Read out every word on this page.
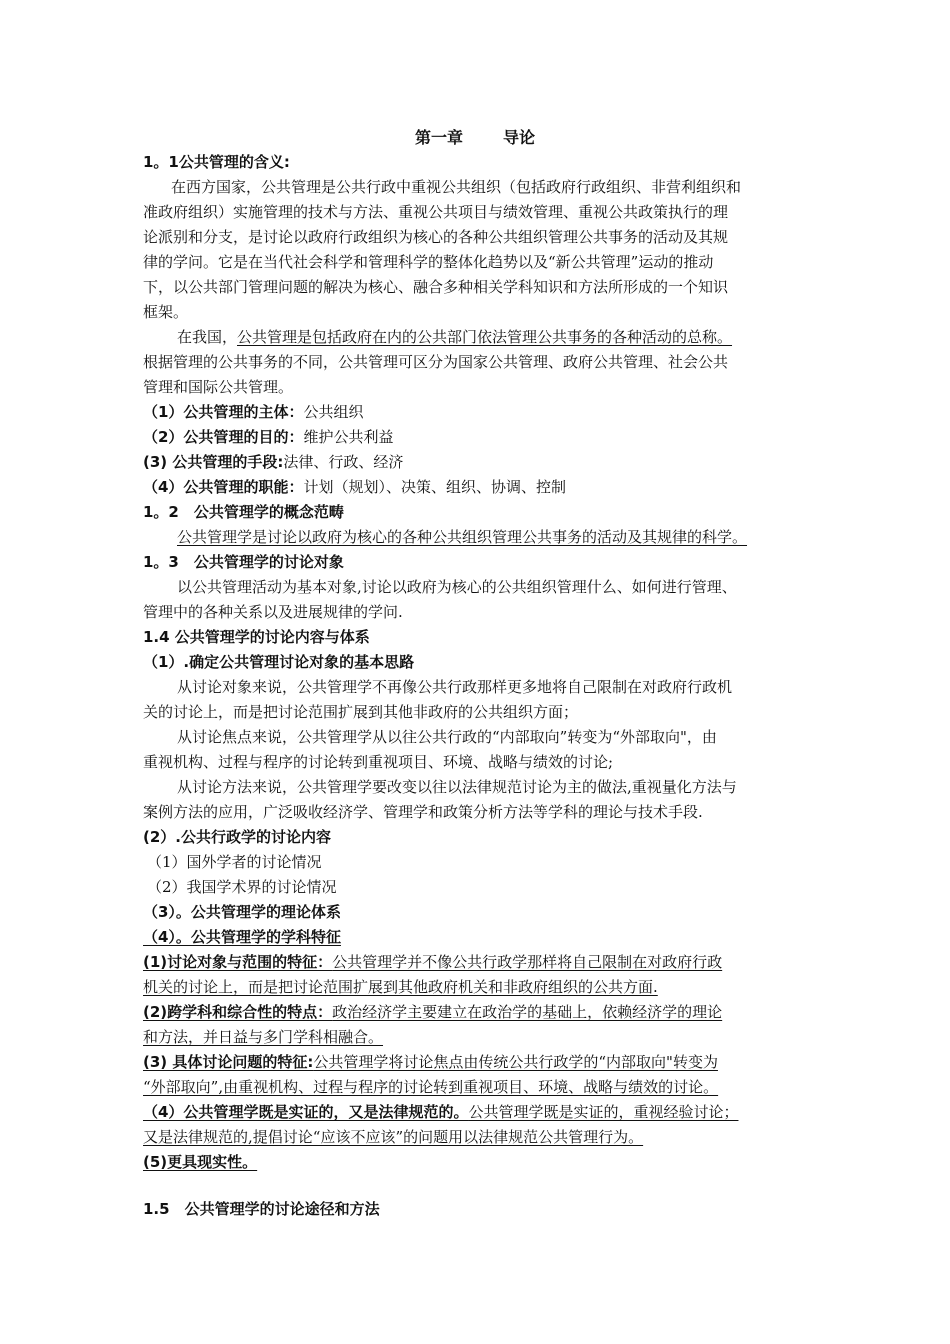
第一章	导论
1。1公共管理的含义:
在西方国家，公共管理是公共行政中重视公共组织（包括政府行政组织、非营利组织和
准政府组织）实施管理的技术与方法、重视公共项目与绩效管理、重视公共政策执行的理
论派别和分支，是讨论以政府行政组织为核心的各种公共组织管理公共事务的活动及其规
律的学问。它是在当代社会科学和管理科学的整体化趋势以及“新公共管理”运动的推动
下，以公共部门管理问题的解决为核心、融合多种相关学科知识和方法所形成的一个知识
框架。
在我国，公共管理是包括政府在内的公共部门依法管理公共事务的各种活动的总称。
根据管理的公共事务的不同，公共管理可区分为国家公共管理、政府公共管理、社会公共
管理和国际公共管理。
（1）公共管理的主体：公共组织
（2）公共管理的目的：维护公共利益
(3) 公共管理的手段:法律、行政、经济
（4）公共管理的职能：计划（规划）、决策、组织、协调、控制
1。2　公共管理学的概念范畴
公共管理学是讨论以政府为核心的各种公共组织管理公共事务的活动及其规律的科学。
1。3　公共管理学的讨论对象
以公共管理活动为基本对象,讨论以政府为核心的公共组织管理什么、如何进行管理、
管理中的各种关系以及进展规律的学问.
1.4 公共管理学的讨论内容与体系
（1）.确定公共管理讨论对象的基本思路
从讨论对象来说，公共管理学不再像公共行政那样更多地将自己限制在对政府行政机
关的讨论上，而是把讨论范围扩展到其他非政府的公共组织方面；
从讨论焦点来说，公共管理学从以往公共行政的“内部取向”转变为“外部取向"，由
重视机构、过程与程序的讨论转到重视项目、环境、战略与绩效的讨论;
从讨论方法来说，公共管理学要改变以往以法律规范讨论为主的做法,重视量化方法与
案例方法的应用，广泛吸收经济学、管理学和政策分析方法等学科的理论与技术手段.
(2）.公共行政学的讨论内容
（1）国外学者的讨论情况
（2）我国学术界的讨论情况
（3）。公共管理学的理论体系
（4）。公共管理学的学科特征
(1)讨论对象与范围的特征：公共管理学并不像公共行政学那样将自己限制在对政府行政
机关的讨论上，而是把讨论范围扩展到其他政府机关和非政府组织的公共方面.
(2)跨学科和综合性的特点：政治经济学主要建立在政治学的基础上，依赖经济学的理论
和方法，并日益与多门学科相融合。
(3) 具体讨论问题的特征:公共管理学将讨论焦点由传统公共行政学的“内部取向"转变为
“外部取向”,由重视机构、过程与程序的讨论转到重视项目、环境、战略与绩效的讨论。
（4）公共管理学既是实证的，又是法律规范的。公共管理学既是实证的，重视经验讨论；
又是法律规范的,提倡讨论“应该不应该”的问题用以法律规范公共管理行为。
(5)更具现实性。
1.5　公共管理学的讨论途径和方法
